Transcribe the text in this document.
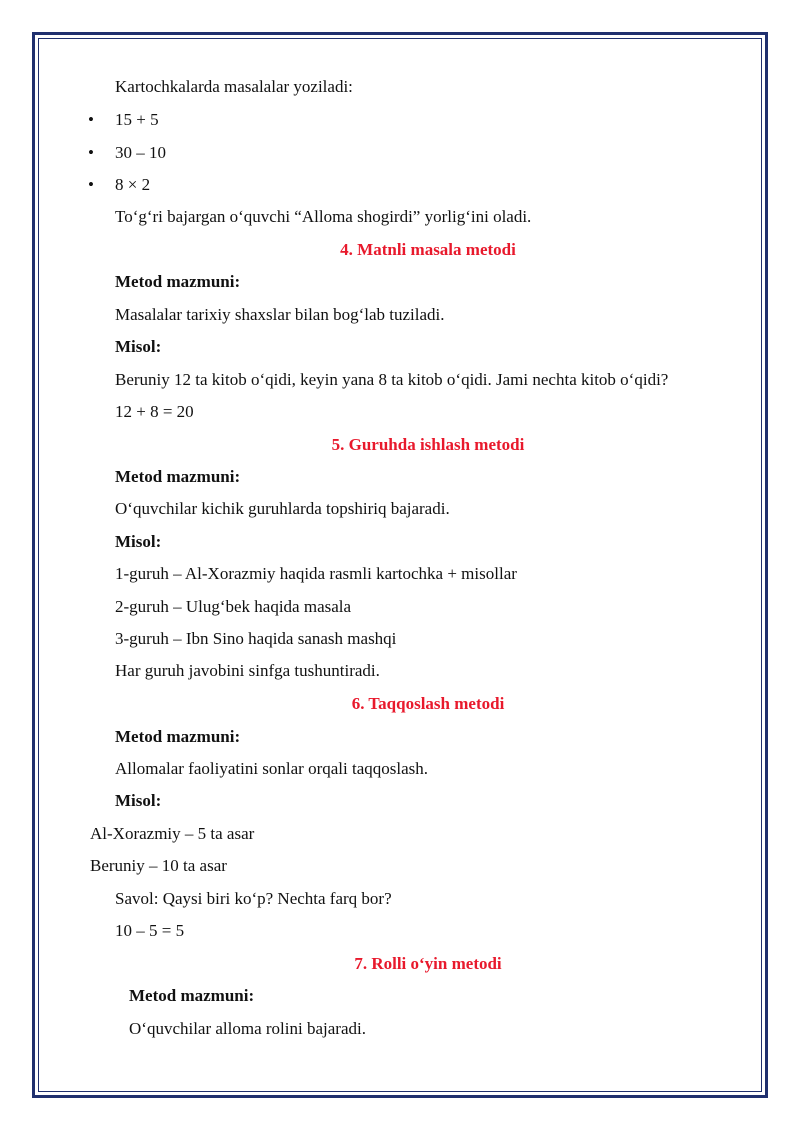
Kartochkalarda masalalar yoziladi:
• 15 + 5
• 30 – 10
• 8 × 2
To‘g‘ri bajargan o‘quvchi “Alloma shogirdi” yorlig‘ini oladi.
4. Matnli masala metodi
Metod mazmuni:
Masalalar tarixiy shaxslar bilan bog‘lab tuziladi.
Misol:
Beruniy 12 ta kitob o‘qidi, keyin yana 8 ta kitob o‘qidi. Jami nechta kitob o‘qidi?
12 + 8 = 20
5. Guruhda ishlash metodi
Metod mazmuni:
O‘quvchilar kichik guruhlarda topshiriq bajaradi.
Misol:
1-guruh – Al-Xorazmiy haqida rasmli kartochka + misollar
2-guruh – Ulug‘bek haqida masala
3-guruh – Ibn Sino haqida sanash mashqi
Har guruh javobini sinfga tushuntiradi.
6. Taqqoslash metodi
Metod mazmuni:
Allomalar faoliyatini sonlar orqali taqqoslash.
Misol:
Al-Xorazmiy – 5 ta asar
Beruniy – 10 ta asar
Savol: Qaysi biri ko‘p? Nechta farq bor?
10 – 5 = 5
7. Rolli o‘yin metodi
Metod mazmuni:
O‘quvchilar alloma rolini bajaradi.
